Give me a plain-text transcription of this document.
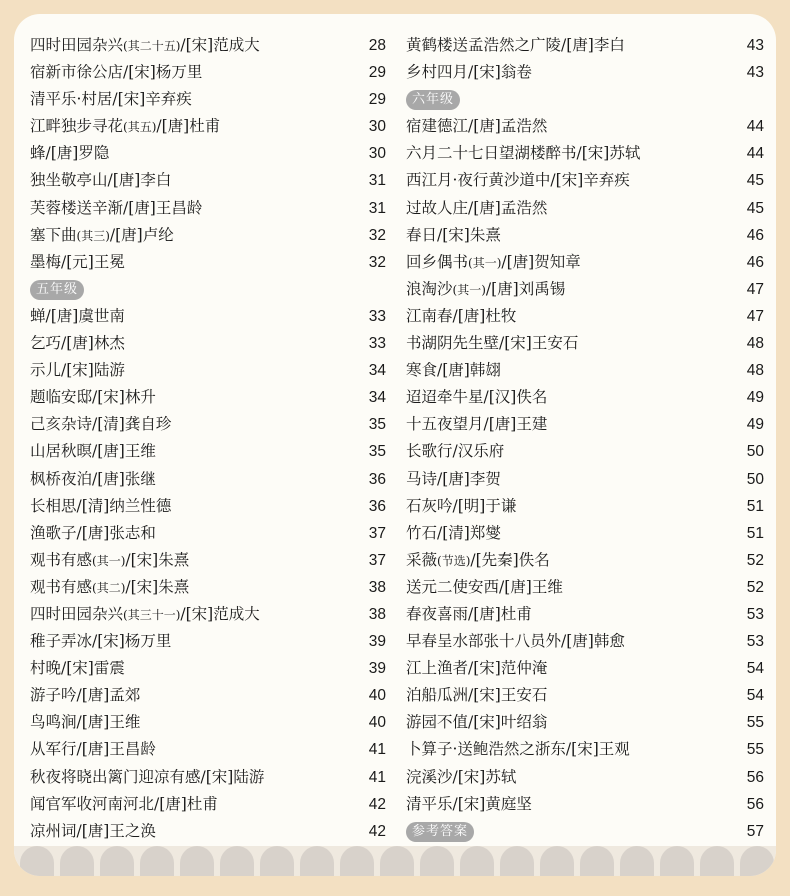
四时田园杂兴(其二十五)/[宋]范成大	28
宿新市徐公店/[宋]杨万里	29
清平乐·村居/[宋]辛弃疾	29
江畔独步寻花(其五)/[唐]杜甫	30
蜂/[唐]罗隐	30
独坐敬亭山/[唐]李白	31
芙蓉楼送辛渐/[唐]王昌龄	31
塞下曲(其三)/[唐]卢纶	32
墨梅/[元]王冕	32
五年级
蝉/[唐]虞世南	33
乞巧/[唐]林杰	33
示儿/[宋]陆游	34
题临安邸/[宋]林升	34
己亥杂诗/[清]龚自珍	35
山居秋暝/[唐]王维	35
枫桥夜泊/[唐]张继	36
长相思/[清]纳兰性德	36
渔歌子/[唐]张志和	37
观书有感(其一)/[宋]朱熹	37
观书有感(其二)/[宋]朱熹	38
四时田园杂兴(其三十一)/[宋]范成大	38
稚子弄冰/[宋]杨万里	39
村晚/[宋]雷震	39
游子吟/[唐]孟郊	40
鸟鸣涧/[唐]王维	40
从军行/[唐]王昌龄	41
秋夜将晓出篱门迎凉有感/[宋]陆游	41
闻官军收河南河北/[唐]杜甫	42
凉州词/[唐]王之涣	42
黄鹤楼送孟浩然之广陵/[唐]李白	43
乡村四月/[宋]翁卷	43
六年级
宿建德江/[唐]孟浩然	44
六月二十七日望湖楼醉书/[宋]苏轼	44
西江月·夜行黄沙道中/[宋]辛弃疾	45
过故人庄/[唐]孟浩然	45
春日/[宋]朱熹	46
回乡偶书(其一)/[唐]贺知章	46
浪淘沙(其一)/[唐]刘禹锡	47
江南春/[唐]杜牧	47
书湖阴先生壁/[宋]王安石	48
寒食/[唐]韩翃	48
迢迢牵牛星/[汉]佚名	49
十五夜望月/[唐]王建	49
长歌行/汉乐府	50
马诗/[唐]李贺	50
石灰吟/[明]于谦	51
竹石/[清]郑燮	51
采薇(节选)/[先秦]佚名	52
送元二使安西/[唐]王维	52
春夜喜雨/[唐]杜甫	53
早春呈水部张十八员外/[唐]韩愈	53
江上渔者/[宋]范仲淹	54
泊船瓜洲/[宋]王安石	54
游园不值/[宋]叶绍翁	55
卜算子·送鲍浩然之浙东/[宋]王观	55
浣溪沙/[宋]苏轼	56
清平乐/[宋]黄庭坚	56
参考答案	57
